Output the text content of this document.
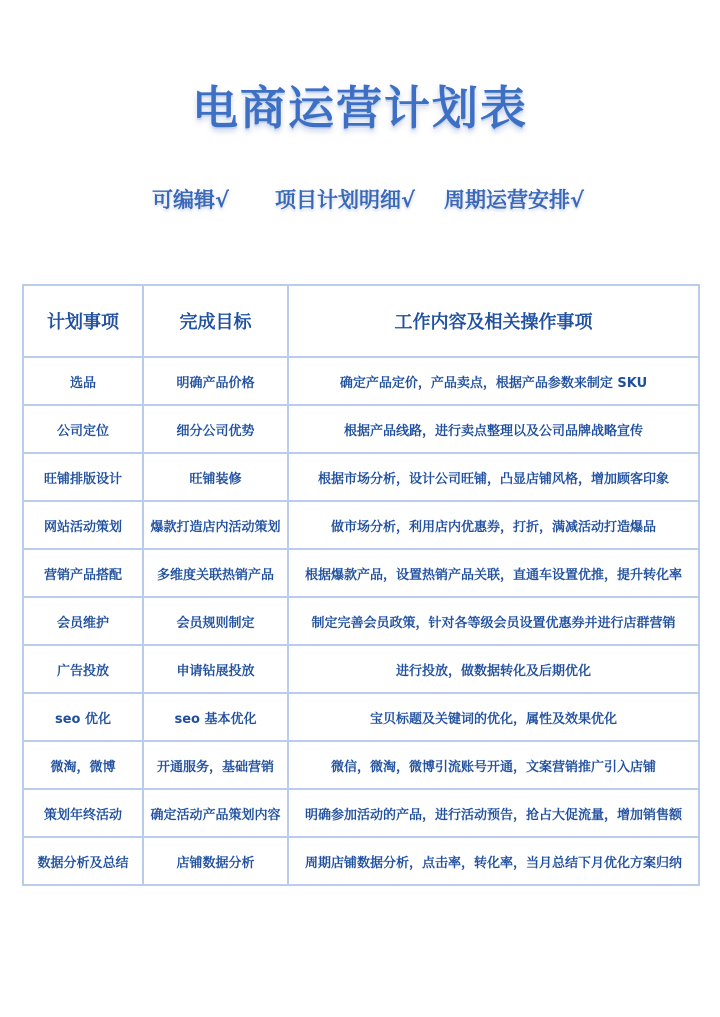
电商运营计划表
可编辑√ 项目计划明细√ 周期运营安排√
计划事项	完成目标	工作内容及相关操作事项
选品	明确产品价格	确定产品定价，产品卖点，根据产品参数来制定 SKU
公司定位	细分公司优势	根据产品线路，进行卖点整理以及公司品牌战略宣传
旺铺排版设计	旺铺装修	根据市场分析，设计公司旺铺，凸显店铺风格，增加顾客印象
网站活动策划	爆款打造店内活动策划	做市场分析，利用店内优惠券，打折，满减活动打造爆品
营销产品搭配	多维度关联热销产品	根据爆款产品，设置热销产品关联，直通车设置优推，提升转化率
会员维护	会员规则制定	制定完善会员政策，针对各等级会员设置优惠券并进行店群营销
广告投放	申请钻展投放	进行投放，做数据转化及后期优化
seo 优化	seo 基本优化	宝贝标题及关键词的优化，属性及效果优化
微淘，微博	开通服务，基础营销	微信，微淘，微博引流账号开通，文案营销推广引入店铺
策划年终活动	确定活动产品策划内容	明确参加活动的产品，进行活动预告，抢占大促流量，增加销售额
数据分析及总结	店铺数据分析	周期店铺数据分析，点击率，转化率，当月总结下月优化方案归纳
